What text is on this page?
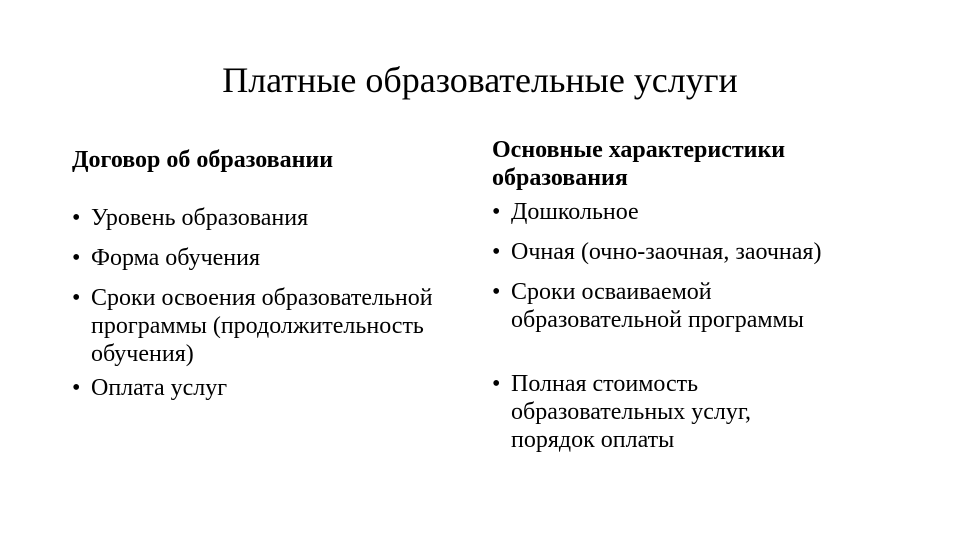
Платные образовательные услуги

Договор об образовании

• Уровень образования
• Форма обучения
• Сроки освоения образовательной программы (продолжительность обучения)
• Оплата услуг

Основные характеристики образования

• Дошкольное
• Очная (очно-заочная, заочная)
• Сроки осваиваемой образовательной программы
• Полная стоимость образовательных услуг, порядок оплаты
